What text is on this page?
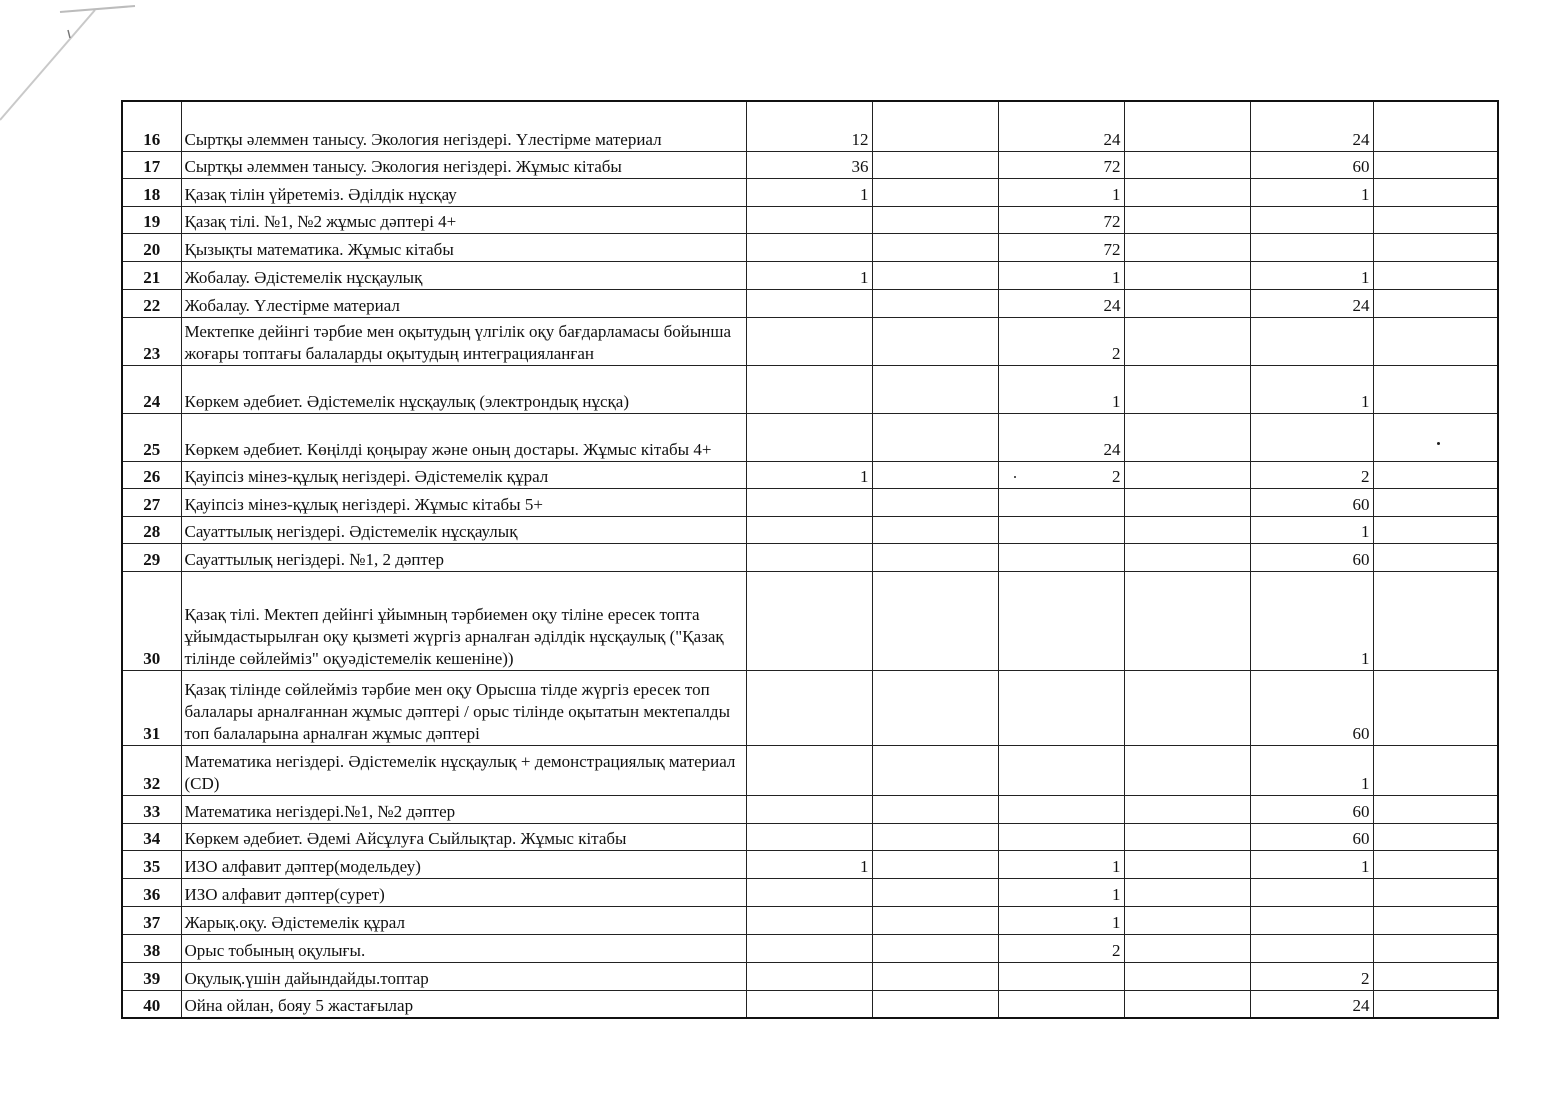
16	Сыртқы әлеммен танысу. Экология негіздері. Үлестірме материал	12		24		24	
17	Сыртқы әлеммен танысу. Экология негіздері. Жұмыс кітабы	36		72		60	
18	Қазақ тілін үйретеміз. Әділдік нұсқау	1		1		1	
19	Қазақ тілі. №1, №2 жұмыс дәптері 4+			72			
20	Қызықты математика. Жұмыс кітабы			72			
21	Жобалау. Әдістемелік нұсқаулық	1		1		1	
22	Жобалау. Үлестірме материал			24		24	
23	Мектепке дейінгі тәрбие мен оқытудың үлгілік оқу бағдарламасы бойынша жоғары топтағы балаларды оқытудың интеграцияланған			2			
24	Көркем әдебиет. Әдістемелік нұсқаулық (электрондық нұсқа)			1		1	
25	Көркем әдебиет. Көңілді қоңырау және оның достары. Жұмыс кітабы 4+			24			
26	Қауіпсіз мінез-құлық негіздері. Әдістемелік құрал	1		2		2	
27	Қауіпсіз мінез-құлық негіздері. Жұмыс кітабы 5+					60	
28	Сауаттылық негіздері. Әдістемелік нұсқаулық					1	
29	Сауаттылық негіздері. №1, 2 дәптер					60	
30	Қазақ тілі. Мектеп дейінгі ұйымның тәрбиемен оқу тіліне ересек топта ұйымдастырылған оқу қызметі жүргіз арналған әділдік нұсқаулық ("Қазақ тілінде сөйлейміз" оқуәдістемелік кешеніне))					1	
31	Қазақ тілінде сөйлейміз тәрбие мен оқу Орысша тілде жүргіз ересек топ балалары арналғаннан жұмыс дәптері / орыс тілінде оқытатын мектепалды топ балаларына арналған жұмыс дәптері					60	
32	Математика негіздері. Әдістемелік нұсқаулық + демонстрациялық материал (CD)					1	
33	Математика негіздері.№1, №2 дәптер					60	
34	Көркем әдебиет. Әдемі Айсұлуға Сыйлықтар. Жұмыс кітабы					60	
35	ИЗО алфавит дәптер(модельдеу)	1		1		1	
36	ИЗО алфавит дәптер(сурет)			1			
37	Жарық.оқу. Әдістемелік құрал			1			
38	Орыс тобының оқулығы.			2			
39	Оқулық.үшін дайындайды.топтар					2	
40	Ойна ойлан, бояу 5 жастағылар					24	
